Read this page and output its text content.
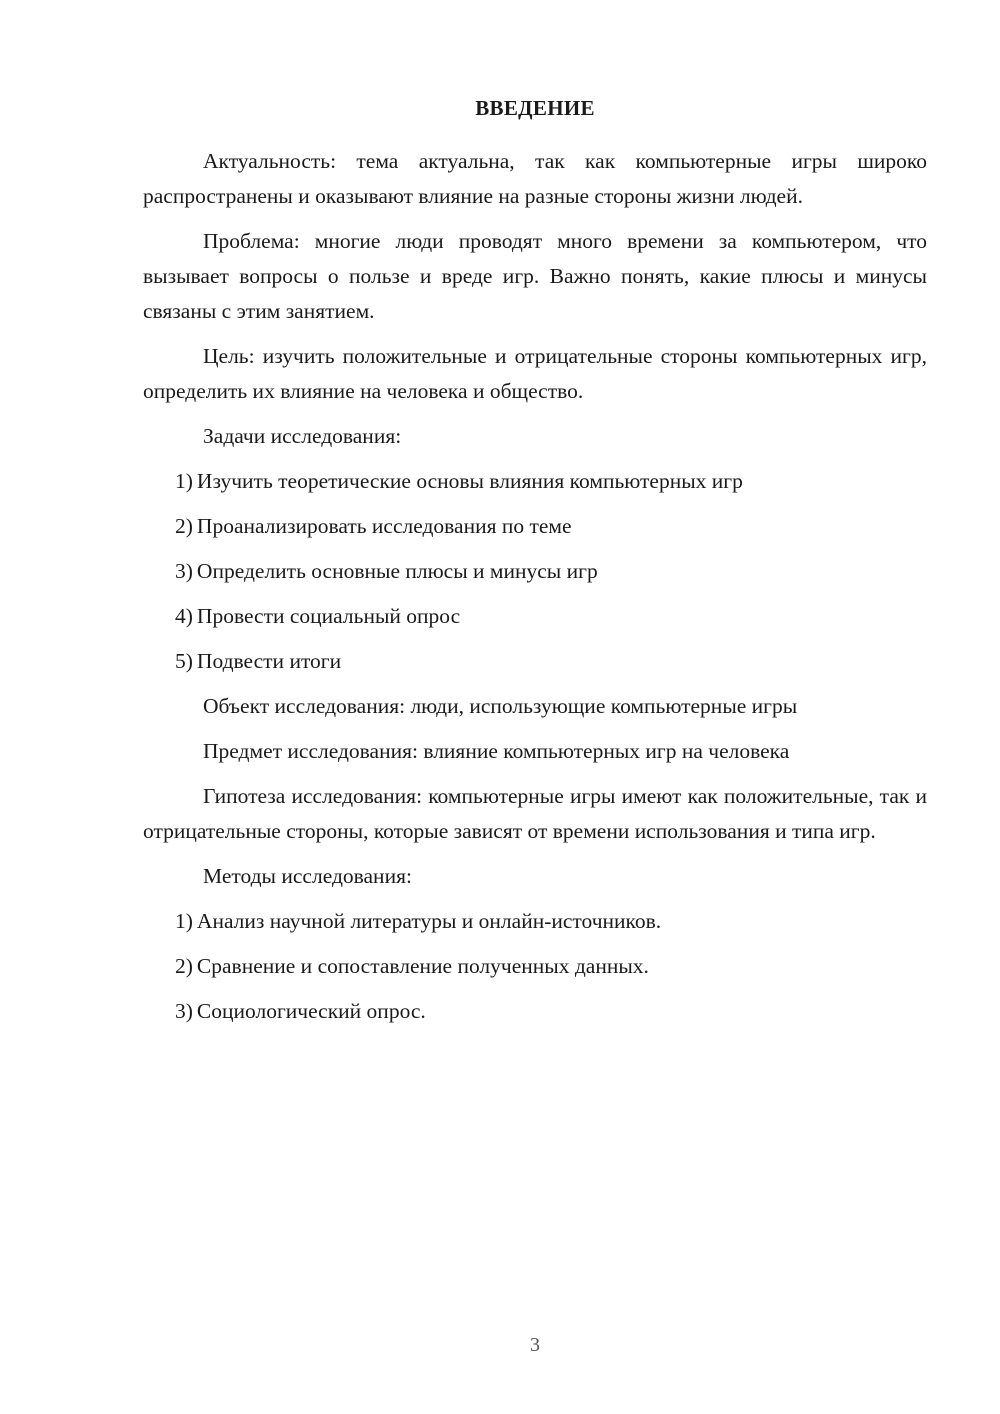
ВВЕДЕНИЕ

Актуальность: тема актуальна, так как компьютерные игры широко распространены и оказывают влияние на разные стороны жизни людей.

Проблема: многие люди проводят много времени за компьютером, что вызывает вопросы о пользе и вреде игр. Важно понять, какие плюсы и минусы связаны с этим занятием.

Цель: изучить положительные и отрицательные стороны компьютерных игр, определить их влияние на человека и общество.

Задачи исследования:

1) Изучить теоретические основы влияния компьютерных игр
2) Проанализировать исследования по теме
3) Определить основные плюсы и минусы игр
4) Провести социальный опрос
5) Подвести итоги

Объект исследования: люди, использующие компьютерные игры

Предмет исследования: влияние компьютерных игр на человека

Гипотеза исследования: компьютерные игры имеют как положительные, так и отрицательные стороны, которые зависят от времени использования и типа игр.

Методы исследования:

1) Анализ научной литературы и онлайн-источников.
2) Сравнение и сопоставление полученных данных.
3) Социологический опрос.
3
